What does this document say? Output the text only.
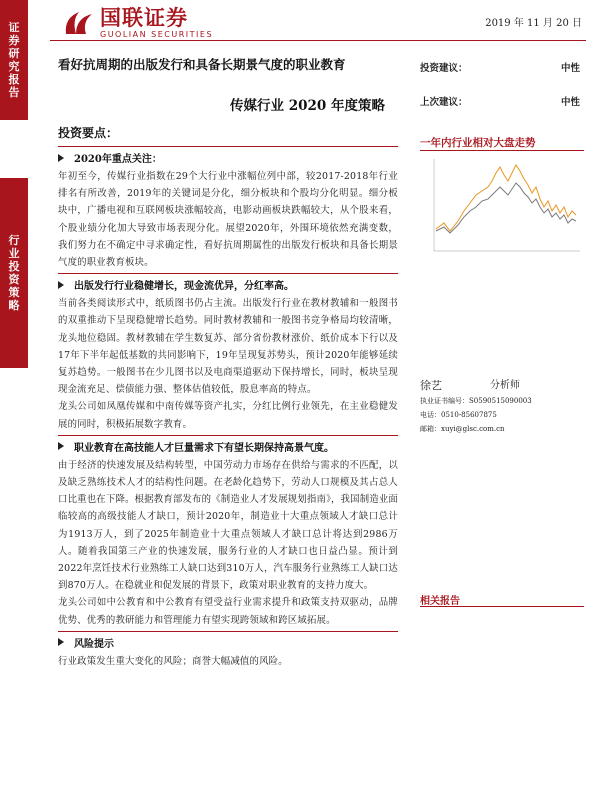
证
券
研
究
报
告
行
业
投
资
策
略
国联证券
GUOLIAN SECURITIES
2019 年 11 月 20 日
看好抗周期的出版发行和具备长期景气度的职业教育
传媒行业 2020 年度策略
投资建议：	中性
上次建议：	中性
投资要点：
2020年重点关注：
年初至今，传媒行业指数在29个大行业中涨幅位列中部，较2017-2018年行业排名有所改善，2019年的关键词是分化，细分板块和个股均分化明显。细分板块中，广播电视和互联网板块涨幅较高，电影动画板块跌幅较大，从个股来看，个股业绩分化加大导致市场表现分化。展望2020年，外围环境依然充满变数，我们努力在不确定中寻求确定性，看好抗周期属性的出版发行板块和具备长期景气度的职业教育板块。
出版发行行业稳健增长，现金流优异，分红率高。
当前各类阅读形式中，纸质图书仍占主流。出版发行行业在教材教辅和一般图书的双重推动下呈现稳健增长趋势。同时教材教辅和一般图书竞争格局均较清晰，龙头地位稳固。教材教辅在学生数复苏、部分省份教材涨价、纸价成本下行以及17年下半年起低基数的共同影响下，19年呈现复苏势头，预计2020年能够延续复苏趋势。一般图书在少儿图书以及电商渠道驱动下保持增长，同时，板块呈现现金流充足、偿债能力强、整体估值较低，股息率高的特点。
龙头公司如凤凰传媒和中南传媒等资产扎实，分红比例行业领先，在主业稳健发展的同时，积极拓展数字教育。
职业教育在高技能人才巨量需求下有望长期保持高景气度。
由于经济的快速发展及结构转型，中国劳动力市场存在供给与需求的不匹配，以及缺乏熟练技术人才的结构性问题。在老龄化趋势下，劳动人口规模及其占总人口比重也在下降。根据教育部发布的《制造业人才发展规划指南》，我国制造业面临较高的高级技能人才缺口，预计2020年，制造业十大重点领域人才缺口总计为1913万人，到了2025年制造业十大重点领域人才缺口总计将达到2986万人。随着我国第三产业的快速发展，服务行业的人才缺口也日益凸显。预计到2022年烹饪技术行业熟练工人缺口达到310万人，汽车服务行业熟练工人缺口达到870万人。在稳就业和促发展的背景下，政策对职业教育的支持力度大。
龙头公司如中公教育和中公教育有望受益行业需求提升和政策支持双驱动，品牌优势、优秀的教研能力和管理能力有望实现跨领域和跨区域拓展。
风险提示
行业政策发生重大变化的风险；商誉大幅减值的风险。
一年内行业相对大盘走势
徐艺	分析师
执业证书编号： S0590515090003
电话： 0510-85607875
邮箱： xuyi@glsc.com.cn
相关报告
